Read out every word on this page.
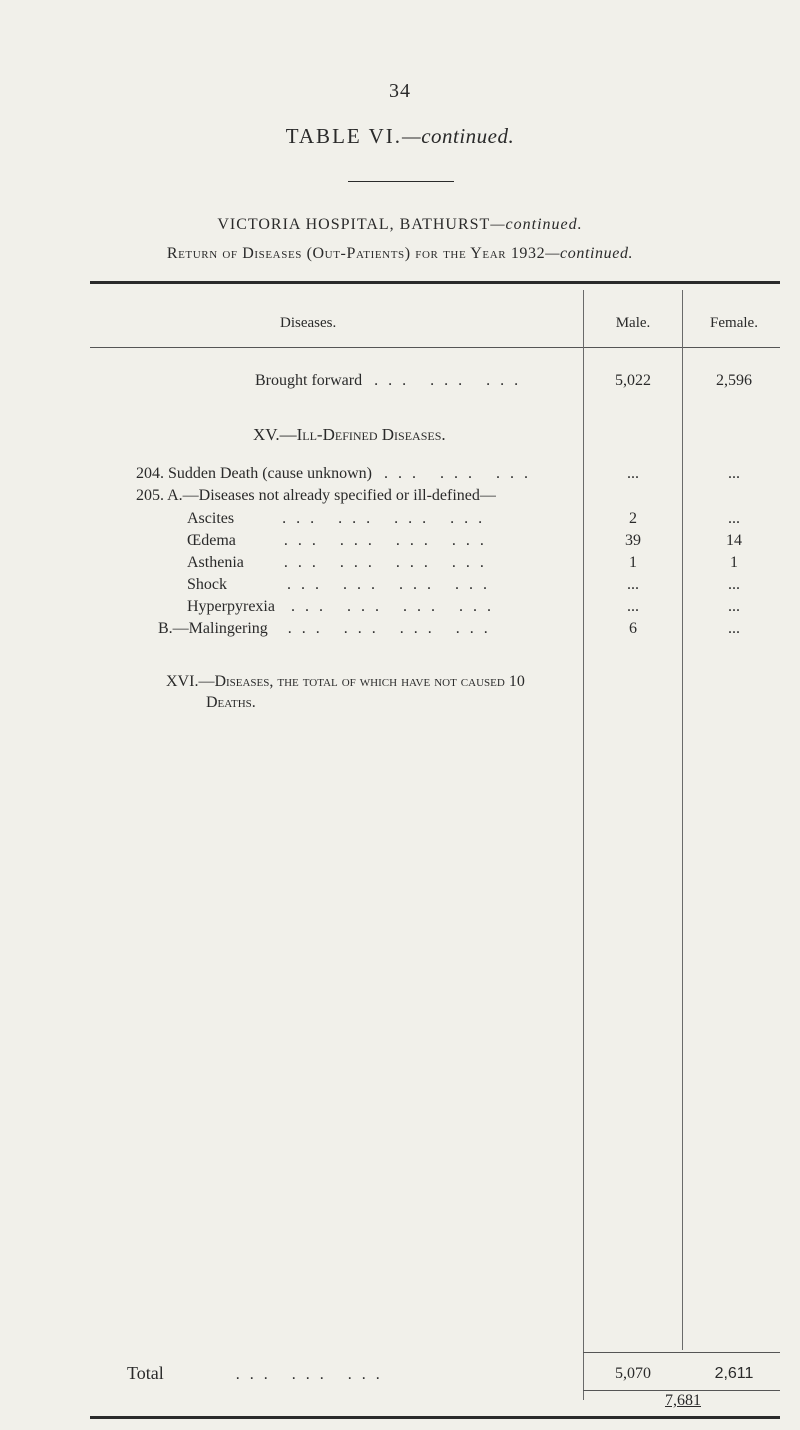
34
TABLE VI.—continued.
VICTORIA HOSPITAL, BATHURST—continued.
Return of Diseases (Out-Patients) for the Year 1932—continued.
Diseases.	Male.	Female.
Brought forward ... ... ...	5,022	2,596
XV.—Ill-Defined Diseases.
204. Sudden Death (cause unknown) ... ... ...	...	...
205. A.—Diseases not already specified or ill-defined—
Ascites	... ... ... ...	2	...
Œdema	... ... ... ...	39	14
Asthenia	... ... ... ...	1	1
Shock	... ... ... ...	...	...
Hyperpyrexia ... ... ... ...	...	...
B.—Malingering ... ... ... ...	6	...
XVI.—Diseases, the total of which have not caused 10
Deaths.
Total	... ... ...	5,070	2,611
7,681
